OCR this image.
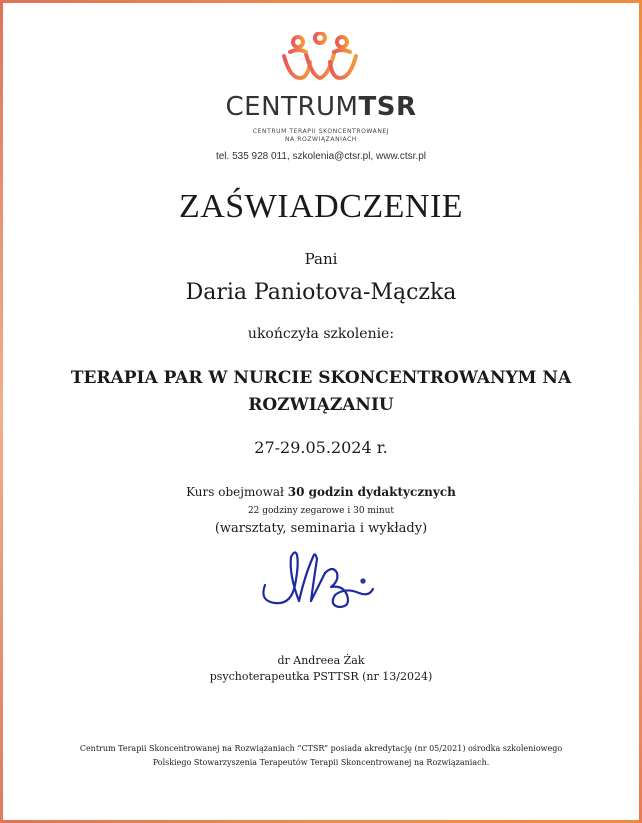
CENTRUMTSR
CENTRUM TERAPII SKONCENTROWANEJ
NA ROZWIĄZANIACH
tel. 535 928 011, szkolenia@ctsr.pl, www.ctsr.pl
ZAŚWIADCZENIE
Pani
Daria Paniotova-Mączka
ukończyła szkolenie:
TERAPIA PAR W NURCIE SKONCENTROWANYM NA
ROZWIĄZANIU
27-29.05.2024 r.
Kurs obejmował 30 godzin dydaktycznych
22 godziny zegarowe i 30 minut
(warsztaty, seminaria i wykłady)
dr Andreea Żak
psychoterapeutka PSTTSR (nr 13/2024)
Centrum Terapii Skoncentrowanej na Rozwiązaniach “CTSR” posiada akredytację (nr 05/2021) ośrodka szkoleniowego
Polskiego Stowarzyszenia Terapeutów Terapii Skoncentrowanej na Rozwiązaniach.
